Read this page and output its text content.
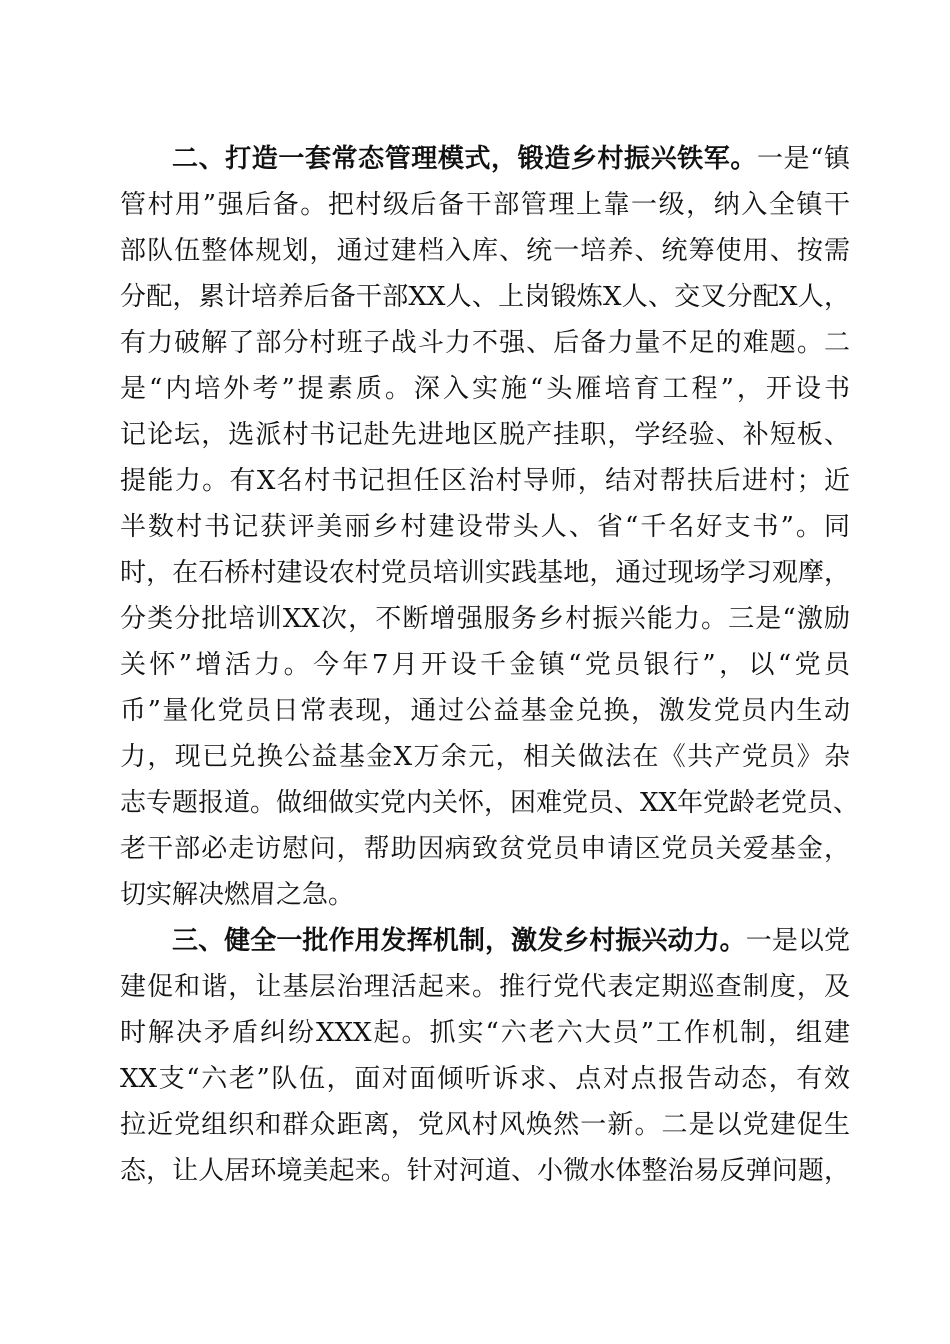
二、打造一套常态管理模式，锻造乡村振兴铁军。一是“镇
管村用”强后备。把村级后备干部管理上靠一级，纳入全镇干
部队伍整体规划，通过建档入库、统一培养、统筹使用、按需
分配，累计培养后备干部XX人、上岗锻炼X人、交叉分配X人，
有力破解了部分村班子战斗力不强、后备力量不足的难题。二
是“内培外考”提素质。深入实施“头雁培育工程”，开设书
记论坛，选派村书记赴先进地区脱产挂职，学经验、补短板、
提能力。有X名村书记担任区治村导师，结对帮扶后进村；近
半数村书记获评美丽乡村建设带头人、省“千名好支书”。同
时，在石桥村建设农村党员培训实践基地，通过现场学习观摩，
分类分批培训XX次，不断增强服务乡村振兴能力。三是“激励
关怀”增活力。今年7月开设千金镇“党员银行”，以“党员
币”量化党员日常表现，通过公益基金兑换，激发党员内生动
力，现已兑换公益基金X万余元，相关做法在《共产党员》杂
志专题报道。做细做实党内关怀，困难党员、XX年党龄老党员、
老干部必走访慰问，帮助因病致贫党员申请区党员关爱基金，
切实解决燃眉之急。
三、健全一批作用发挥机制，激发乡村振兴动力。一是以党
建促和谐，让基层治理活起来。推行党代表定期巡查制度，及
时解决矛盾纠纷XXX起。抓实“六老六大员”工作机制，组建
XX支“六老”队伍，面对面倾听诉求、点对点报告动态，有效
拉近党组织和群众距离，党风村风焕然一新。二是以党建促生
态，让人居环境美起来。针对河道、小微水体整治易反弹问题，
